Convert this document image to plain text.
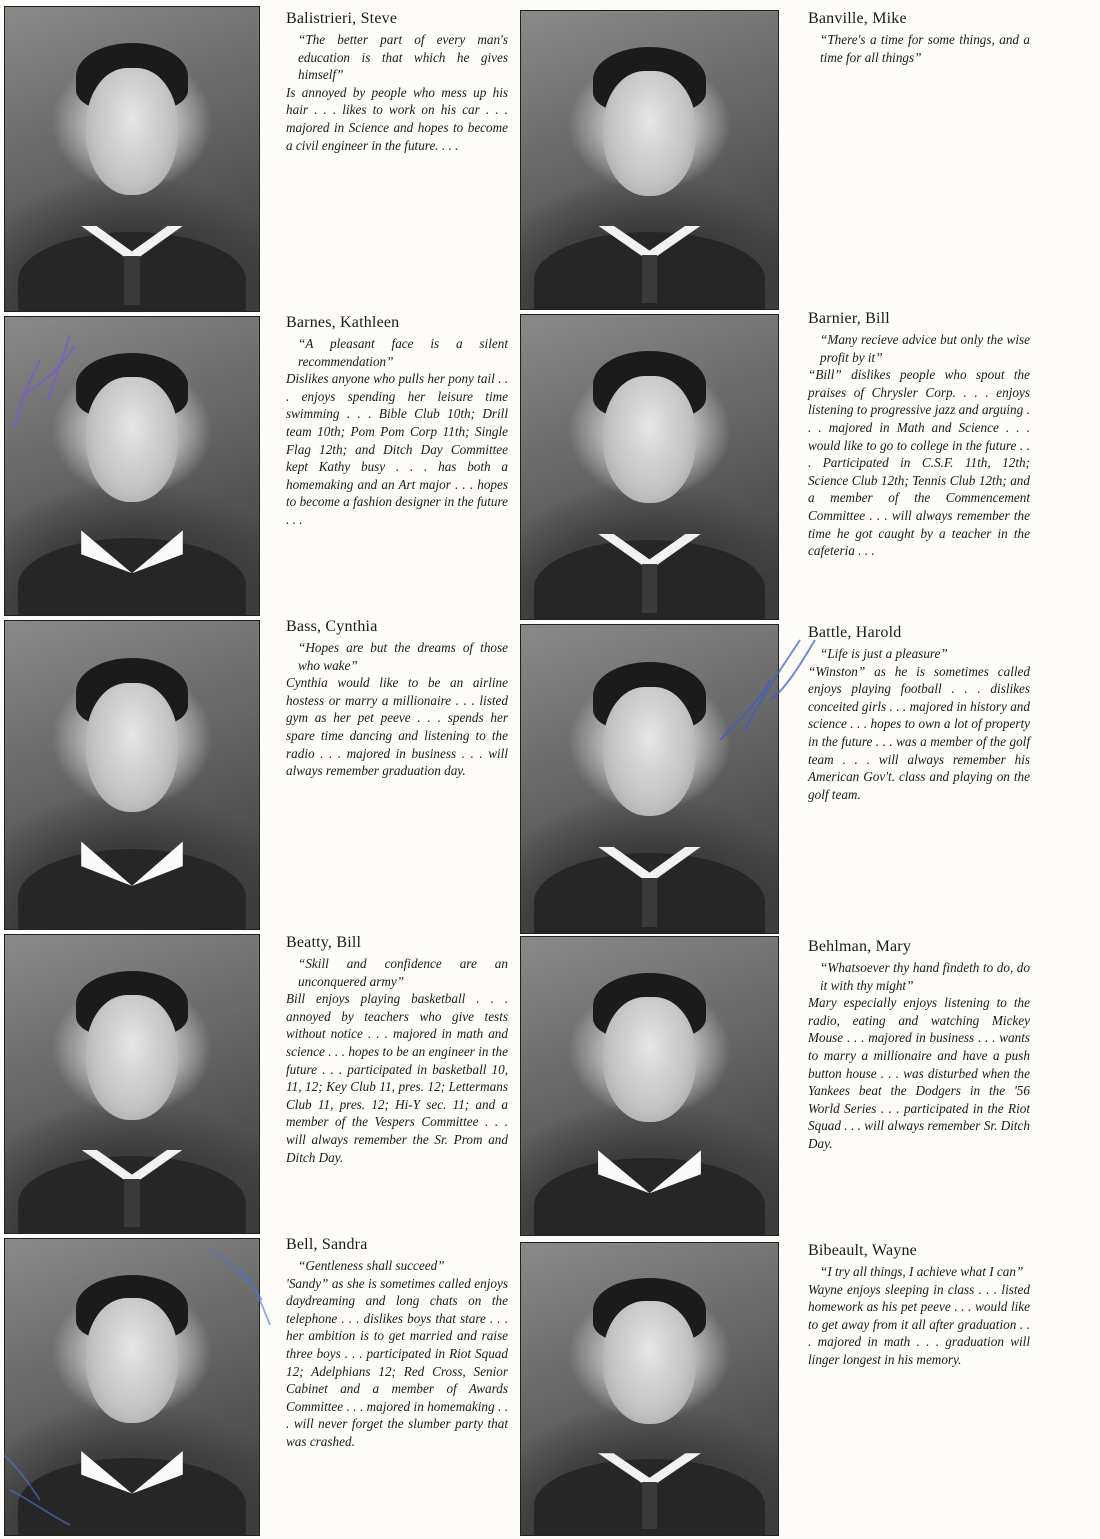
Balistrieri, Steve

“The better part of every man's education is that which he gives himself”

Is annoyed by people who mess up his hair . . . likes to work on his car . . . majored in Science and hopes to become a civil engineer in the future. . . .

Banville, Mike

“There's a time for some things, and a time for all things”

Barnes, Kathleen

“A pleasant face is a silent recommendation”

Dislikes anyone who pulls her pony tail . . . enjoys spending her leisure time swimming . . . Bible Club 10th; Drill team 10th; Pom Pom Corp 11th; Single Flag 12th; and Ditch Day Committee kept Kathy busy . . . has both a homemaking and an Art major . . . hopes to become a fashion designer in the future . . .

Barnier, Bill

“Many recieve advice but only the wise profit by it”

“Bill” dislikes people who spout the praises of Chrysler Corp. . . . enjoys listening to progressive jazz and arguing . . . majored in Math and Science . . . would like to go to college in the future . . . Participated in C.S.F. 11th, 12th; Science Club 12th; Tennis Club 12th; and a member of the Commencement Committee . . . will always remember the time he got caught by a teacher in the cafeteria . . .

Bass, Cynthia

“Hopes are but the dreams of those who wake”

Cynthia would like to be an airline hostess or marry a millionaire . . . listed gym as her pet peeve . . . spends her spare time dancing and listening to the radio . . . majored in business . . . will always remember graduation day.

Battle, Harold

“Life is just a pleasure”

“Winston” as he is sometimes called enjoys playing football . . . dislikes conceited girls . . . majored in history and science . . . hopes to own a lot of property in the future . . . was a member of the golf team . . . will always remember his American Gov't. class and playing on the golf team.

Beatty, Bill

“Skill and confidence are an unconquered army”

Bill enjoys playing basketball . . . annoyed by teachers who give tests without notice . . . majored in math and science . . . hopes to be an engineer in the future . . . participated in basketball 10, 11, 12; Key Club 11, pres. 12; Lettermans Club 11, pres. 12; Hi-Y sec. 11; and a member of the Vespers Committee . . . will always remember the Sr. Prom and Ditch Day.

Behlman, Mary

“Whatsoever thy hand findeth to do, do it with thy might”

Mary especially enjoys listening to the radio, eating and watching Mickey Mouse . . . majored in business . . . wants to marry a millionaire and have a push button house . . . was disturbed when the Yankees beat the Dodgers in the '56 World Series . . . participated in the Riot Squad . . . will always remember Sr. Ditch Day.

Bell, Sandra

“Gentleness shall succeed”

'Sandy” as she is sometimes called enjoys daydreaming and long chats on the telephone . . . dislikes boys that stare . . . her ambition is to get married and raise three boys . . . participated in Riot Squad 12; Adelphians 12; Red Cross, Senior Cabinet and a member of Awards Committee . . . majored in homemaking . . . will never forget the slumber party that was crashed.

Bibeault, Wayne

“I try all things, I achieve what I can”

Wayne enjoys sleeping in class . . . listed homework as his pet peeve . . . would like to get away from it all after graduation . . . majored in math . . . graduation will linger longest in his memory.
